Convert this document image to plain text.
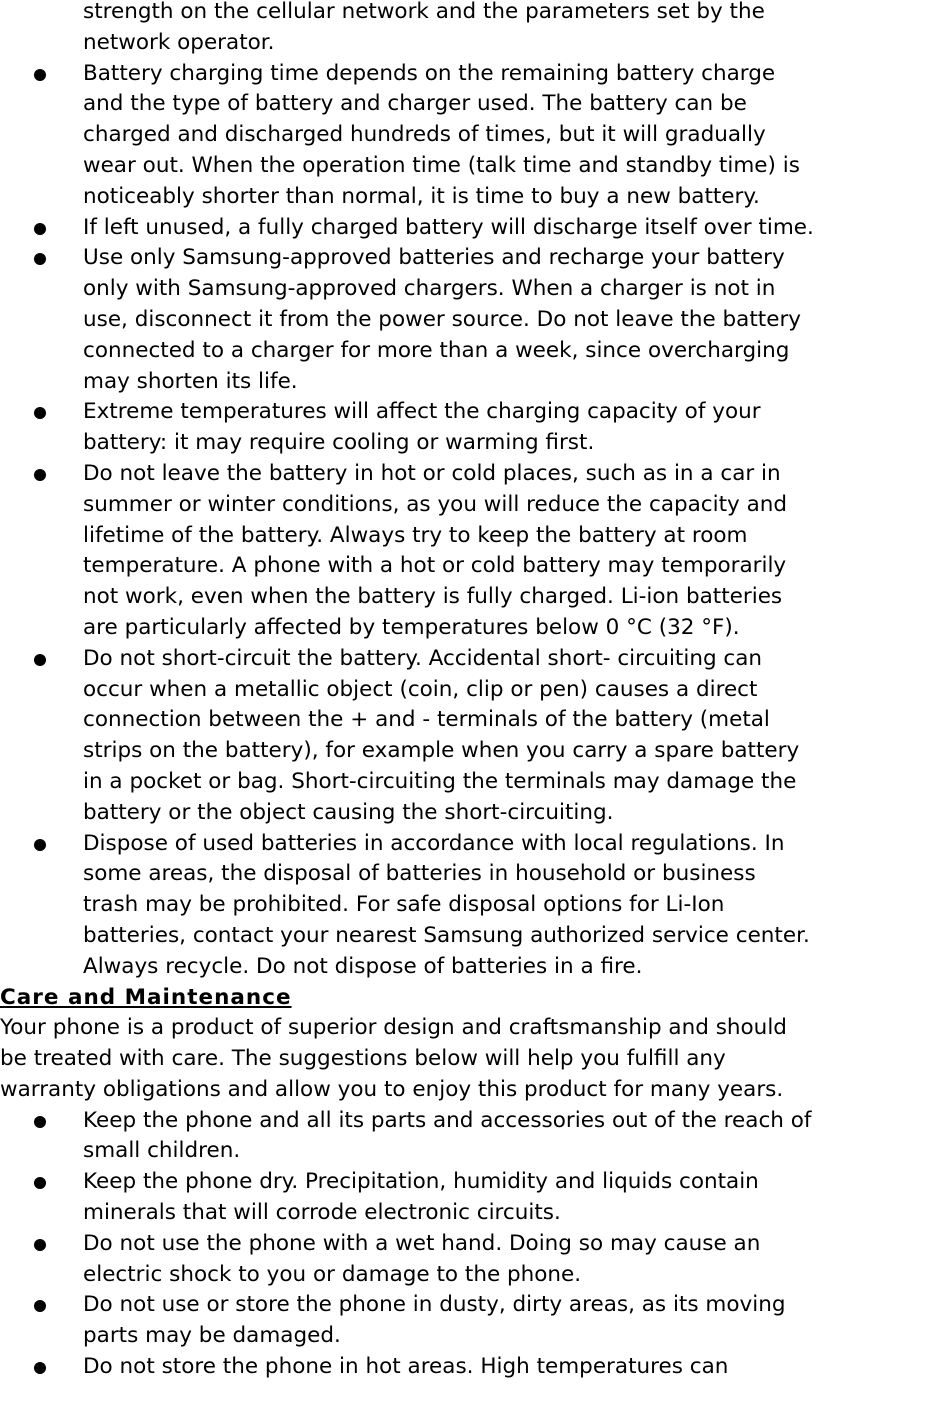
strength on the cellular network and the parameters set by the
network operator.
Battery charging time depends on the remaining battery charge
and the type of battery and charger used. The battery can be
charged and discharged hundreds of times, but it will gradually
wear out. When the operation time (talk time and standby time) is
noticeably shorter than normal, it is time to buy a new battery.
If left unused, a fully charged battery will discharge itself over time.
Use only Samsung-approved batteries and recharge your battery
only with Samsung-approved chargers. When a charger is not in
use, disconnect it from the power source. Do not leave the battery
connected to a charger for more than a week, since overcharging
may shorten its life.
Extreme temperatures will affect the charging capacity of your
battery: it may require cooling or warming first.
Do not leave the battery in hot or cold places, such as in a car in
summer or winter conditions, as you will reduce the capacity and
lifetime of the battery. Always try to keep the battery at room
temperature. A phone with a hot or cold battery may temporarily
not work, even when the battery is fully charged. Li-ion batteries
are particularly affected by temperatures below 0 °C (32 °F).
Do not short-circuit the battery. Accidental short- circuiting can
occur when a metallic object (coin, clip or pen) causes a direct
connection between the + and - terminals of the battery (metal
strips on the battery), for example when you carry a spare battery
in a pocket or bag. Short-circuiting the terminals may damage the
battery or the object causing the short-circuiting.
Dispose of used batteries in accordance with local regulations. In
some areas, the disposal of batteries in household or business
trash may be prohibited. For safe disposal options for Li-Ion
batteries, contact your nearest Samsung authorized service center.
Always recycle. Do not dispose of batteries in a fire.
Care and Maintenance

Your phone is a product of superior design and craftsmanship and should
be treated with care. The suggestions below will help you fulfill any
warranty obligations and allow you to enjoy this product for many years.

Keep the phone and all its parts and accessories out of the reach of
small children.
Keep the phone dry. Precipitation, humidity and liquids contain
minerals that will corrode electronic circuits.
Do not use the phone with a wet hand. Doing so may cause an
electric shock to you or damage to the phone.
Do not use or store the phone in dusty, dirty areas, as its moving
parts may be damaged.
Do not store the phone in hot areas. High temperatures can
